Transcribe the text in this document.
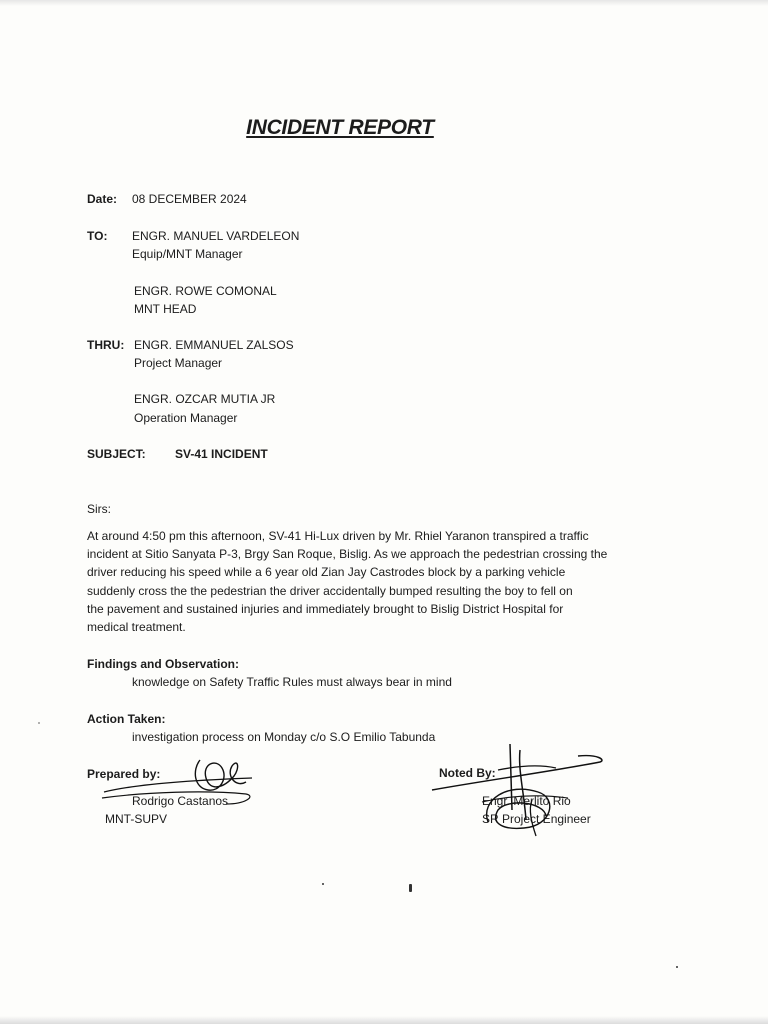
INCIDENT REPORT
Date: 08 DECEMBER 2024
TO: ENGR. MANUEL VARDELEON
Equip/MNT Manager
ENGR. ROWE COMONAL
MNT HEAD
THRU: ENGR. EMMANUEL ZALSOS
Project Manager
ENGR. OZCAR MUTIA JR
Operation Manager
SUBJECT: SV-41 INCIDENT
Sirs:
At around 4:50 pm this afternoon, SV-41 Hi-Lux driven by Mr. Rhiel Yaranon transpired a traffic
incident at Sitio Sanyata P-3, Brgy San Roque, Bislig. As we approach the pedestrian crossing the
driver reducing his speed while a 6 year old Zian Jay Castrodes block by a parking vehicle
suddenly cross the the pedestrian the driver accidentally bumped resulting the boy to fell on
the pavement and sustained injuries and immediately brought to Bislig District Hospital for
medical treatment.
Findings and Observation:
knowledge on Safety Traffic Rules must always bear in mind
Action Taken:
investigation process on Monday c/o S.O Emilio Tabunda
Prepared by:
Rodrigo Castanos
MNT-SUPV
Noted By:
Engr. Merlito Rio
SR Project Engineer
